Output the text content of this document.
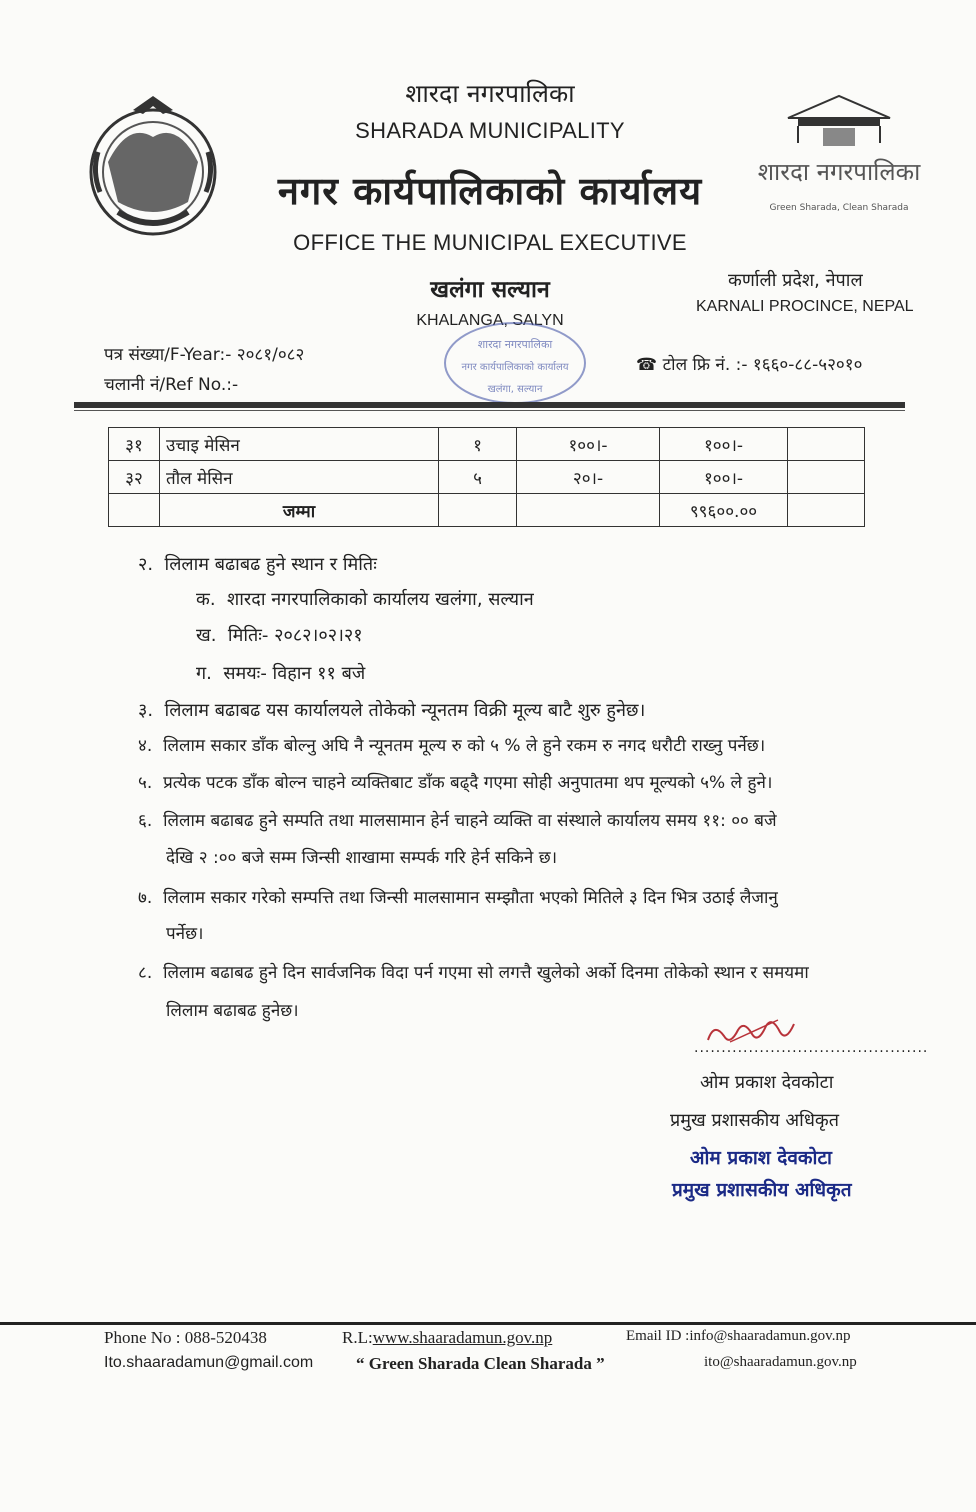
शारदा नगरपालिका
SHARADA MUNICIPALITY
नगर कार्यपालिकाको कार्यालय
OFFICE THE MUNICIPAL EXECUTIVE
खलंगा सल्यान
KHALANGA, SALYN
शारदा नगरपालिका
Green Sharada, Clean Sharada
कर्णाली प्रदेश, नेपाल
KARNALI PROCINCE, NEPAL
पत्र संख्या/F-Year:- २०८१/०८२
चलानी नं/Ref No.:-
शारदा नगरपालिका
नगर कार्यपालिकाको कार्यालय
खलंगा, सल्यान
☎ टोल फ्रि नं. :- १६६०-८८-५२०१०
३१	उचाइ मेसिन	१	१००।-	१००।-	
३२	तौल मेसिन	५	२०।-	१००।-	
	जम्मा			९९६००.००	
२. लिलाम बढाबढ हुने स्थान र मितिः
क. शारदा नगरपालिकाको कार्यालय खलंगा, सल्यान
ख. मितिः- २०८२।०२।२१
ग. समयः- विहान ११ बजे
३. लिलाम बढाबढ यस कार्यालयले तोकेको न्यूनतम विक्री मूल्य बाटै शुरु हुनेछ।
४. लिलाम सकार डाँक बोल्नु अघि नै न्यूनतम मूल्य रु को ५ % ले हुने रकम रु नगद धरौटी राख्नु पर्नेछ।
५. प्रत्येक पटक डाँक बोल्न चाहने व्यक्तिबाट डाँक बढ्दै गएमा सोही अनुपातमा थप मूल्यको ५% ले हुने।
६. लिलाम बढाबढ हुने सम्पति तथा मालसामान हेर्न चाहने व्यक्ति वा संस्थाले कार्यालय समय ११: ०० बजे
देखि २ :०० बजे सम्म जिन्सी शाखामा सम्पर्क गरि हेर्न सकिने छ।
७. लिलाम सकार गरेको सम्पत्ति तथा जिन्सी मालसामान सम्झौता भएको मितिले ३ दिन भित्र उठाई लैजानु
पर्नेछ।
८. लिलाम बढाबढ हुने दिन सार्वजनिक विदा पर्न गएमा सो लगत्तै खुलेको अर्को दिनमा तोकेको स्थान र समयमा
लिलाम बढाबढ हुनेछ।
...........................................
ओम प्रकाश देवकोटा
प्रमुख प्रशासकीय अधिकृत
ओम प्रकाश देवकोटा
प्रमुख प्रशासकीय अधिकृत
Phone No : 088-520438
Ito.shaaradamun@gmail.com
R.L:www.shaaradamun.gov.np
“ Green Sharada Clean Sharada ”
Email ID :info@shaaradamun.gov.np
ito@shaaradamun.gov.np
